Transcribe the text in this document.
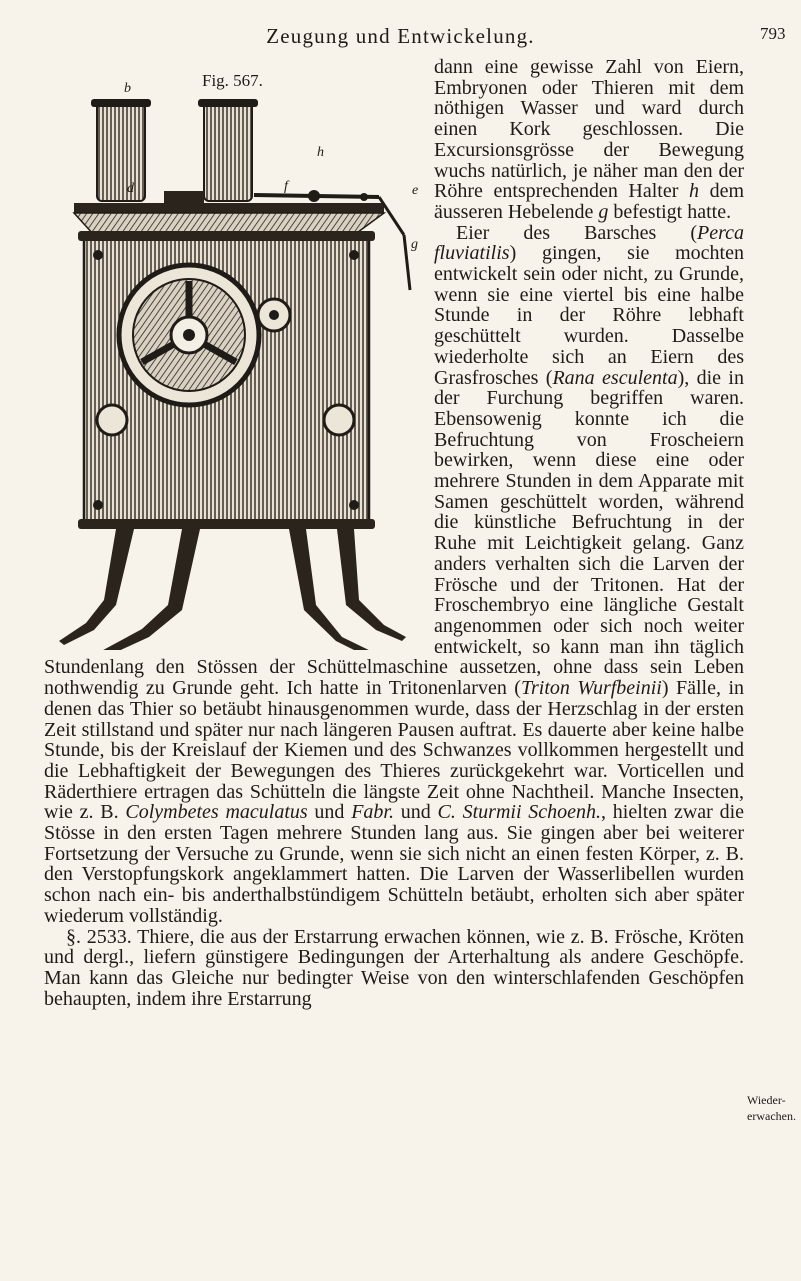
Zeugung und Entwickelung.	793
Fig. 567.
b
h
d	f	e
g

dann eine gewisse Zahl von Eiern, Embryonen oder Thieren mit dem nöthigen Wasser und ward durch einen Kork geschlossen. Die Excursionsgrösse der Bewegung wuchs natürlich, je näher man den der Röhre entsprechenden Halter h dem äusseren Hebelende g befestigt hatte.

Eier des Barsches (Perca fluviatilis) gingen, sie mochten entwickelt sein oder nicht, zu Grunde, wenn sie eine viertel bis eine halbe Stunde in der Röhre lebhaft geschüttelt wurden. Dasselbe wiederholte sich an Eiern des Grasfrosches (Rana esculenta), die in der Furchung begriffen waren. Ebensowenig konnte ich die Befruchtung von Froscheiern bewirken, wenn diese eine oder mehrere Stunden in dem Apparate mit Samen geschüttelt worden, während die künstliche Befruchtung in der Ruhe mit Leichtigkeit gelang. Ganz anders verhalten sich die Larven der Frösche und der Tritonen. Hat der Froschembryo eine längliche Gestalt angenommen oder sich noch weiter entwickelt, so kann man ihn täglich Stundenlang den Stössen der Schüttelmaschine aussetzen, ohne dass sein Leben nothwendig zu Grunde geht. Ich hatte in Tritonenlarven (Triton Wurfbeinii) Fälle, in denen das Thier so betäubt hinausgenommen wurde, dass der Herzschlag in der ersten Zeit stillstand und später nur nach längeren Pausen auftrat. Es dauerte aber keine halbe Stunde, bis der Kreislauf der Kiemen und des Schwanzes vollkommen hergestellt und die Lebhaftigkeit der Bewegungen des Thieres zurückgekehrt war. Vorticellen und Räderthiere ertragen das Schütteln die längste Zeit ohne Nachtheil. Manche Insecten, wie z. B. Colymbetes maculatus und Fabr. und C. Sturmii Schoenh., hielten zwar die Stösse in den ersten Tagen mehrere Stunden lang aus. Sie gingen aber bei weiterer Fortsetzung der Versuche zu Grunde, wenn sie sich nicht an einen festen Körper, z. B. den Verstopfungskork angeklammert hatten. Die Larven der Wasserlibellen wurden schon nach ein- bis anderthalbstündigem Schütteln betäubt, erholten sich aber später wiederum vollständig.

§. 2533. Thiere, die aus der Erstarrung erwachen können, wie z. B. Frösche, Kröten und dergl., liefern günstigere Bedingungen der Arterhaltung als andere Geschöpfe. Man kann das Gleiche nur bedingter Weise von den winterschlafenden Geschöpfen behaupten, indem ihre Erstarrung

Wieder-erwachen.
